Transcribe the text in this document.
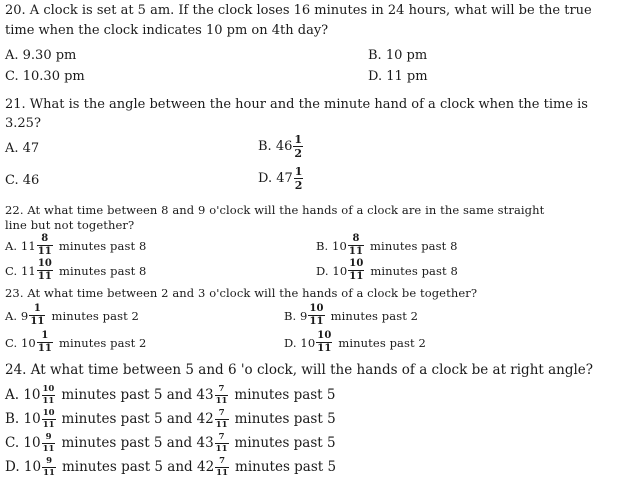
20. A clock is set at 5 am. If the clock loses 16 minutes in 24 hours, what will be the true
time when the clock indicates 10 pm on 4th day?
A. 9.30 pm	B. 10 pm
C. 10.30 pm	D. 11 pm
21. What is the angle between the hour and the minute hand of a clock when the time is
3.25?
A. 47	B. $46 \frac{1}{2}$
C. 46	D. $47 \frac{1}{2}$
22. At what time between 8 and 9 o'clock will the hands of a clock are in the same straight
line but not together?
A. $11 \frac{8}{11}$ minutes past 8	B. $10 \frac{8}{11}$ minutes past 8
C. $11 \frac{10}{11}$ minutes past 8	D. $10 \frac{10}{11}$ minutes past 8
23. At what time between 2 and 3 o'clock will the hands of a clock be together?
A. $9 \frac{1}{11}$ minutes past 2	B. $9 \frac{10}{11}$ minutes past 2
C. $10 \frac{1}{11}$ minutes past 2	D. $10 \frac{10}{11}$ minutes past 2
24. At what time between 5 and 6 'o clock, will the hands of a clock be at right angle?
A. $10 \frac{10}{11}$ minutes past 5 and $43 \frac{7}{11}$ minutes past 5
B. $10 \frac{10}{11}$ minutes past 5 and $42 \frac{7}{11}$ minutes past 5
C. $10 \frac{9}{11}$ minutes past 5 and $43 \frac{7}{11}$ minutes past 5
D. $10 \frac{9}{11}$ minutes past 5 and $42 \frac{7}{11}$ minutes past 5
